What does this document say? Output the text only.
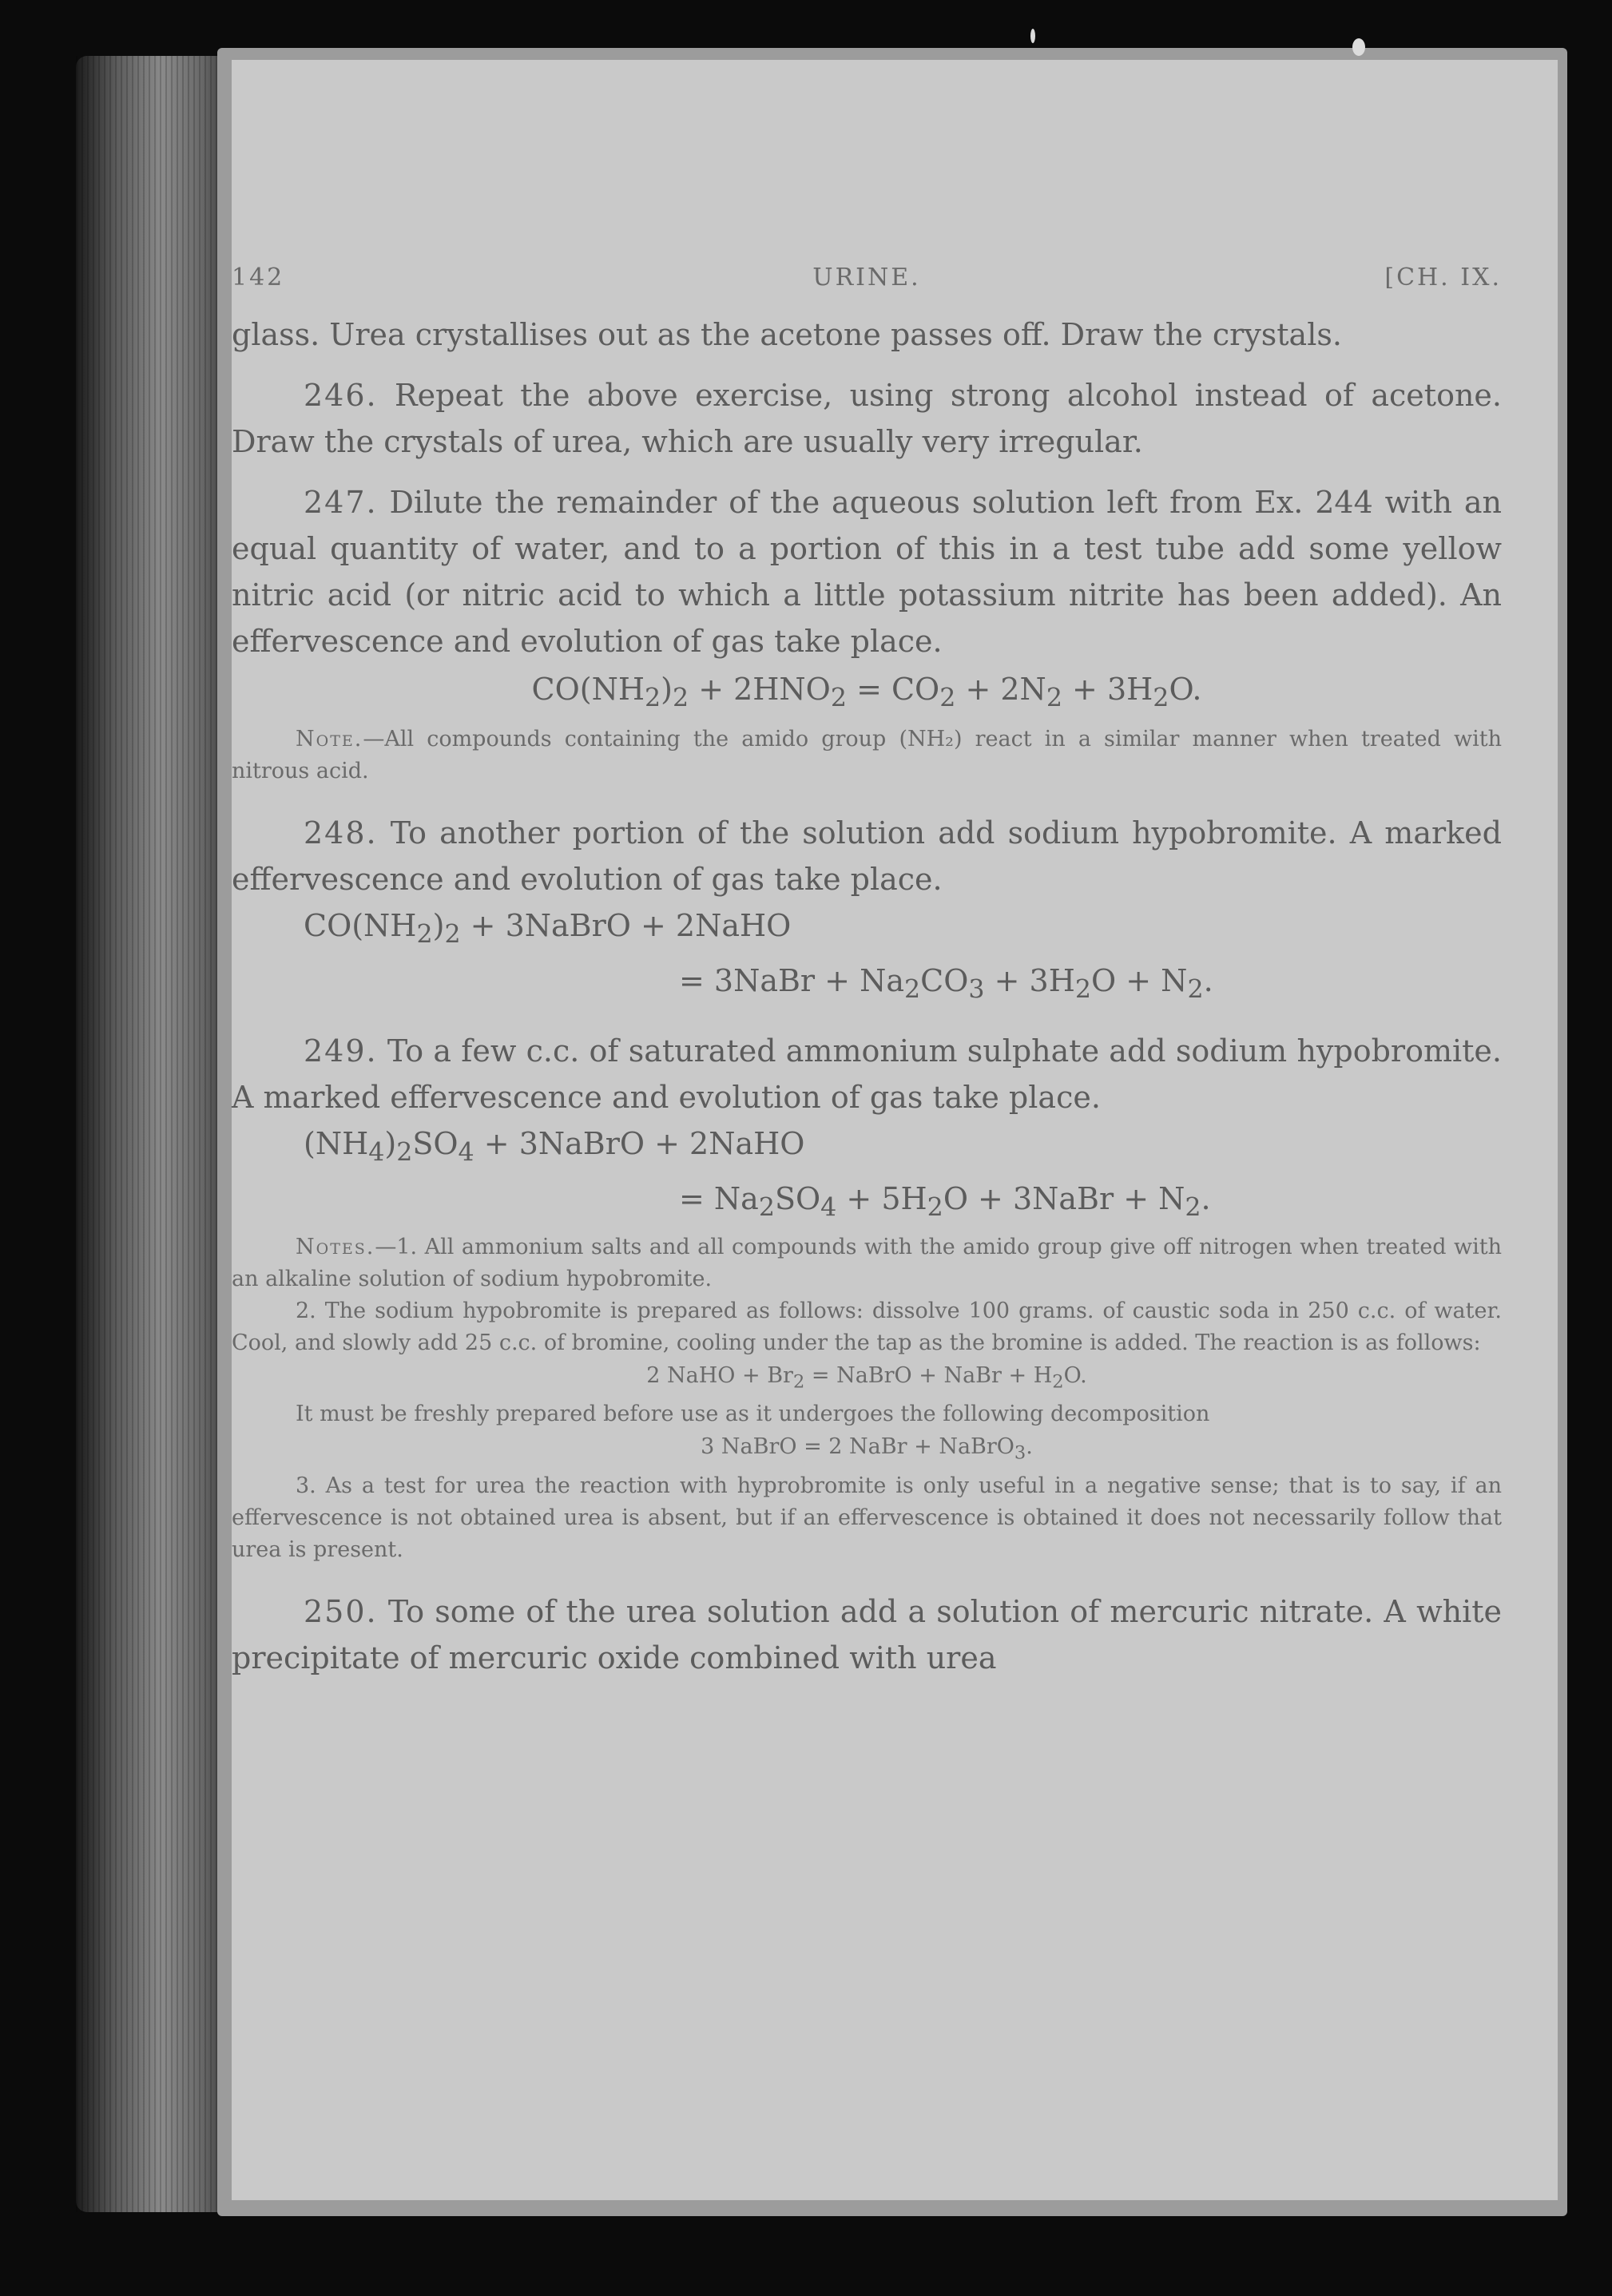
142	URINE.	[CH. IX.

glass. Urea crystallises out as the acetone passes off. Draw the crystals.

246. Repeat the above exercise, using strong alcohol instead of acetone. Draw the crystals of urea, which are usually very irregular.

247. Dilute the remainder of the aqueous solution left from Ex. 244 with an equal quantity of water, and to a portion of this in a test tube add some yellow nitric acid (or nitric acid to which a little potassium nitrite has been added). An effervescence and evolution of gas take place.

$CO(NH_2)_2 + 2HNO_2 = CO_2 + 2N_2 + 3H_2O$.

Note.—All compounds containing the amido group (NH₂) react in a similar manner when treated with nitrous acid.

248. To another portion of the solution add sodium hypobromite. A marked effervescence and evolution of gas take place.

$CO(NH_2)_2$ + 3NaBrO + 2NaHO

= 3NaBr + $Na_2CO_3 + 3H_2O + N_2$.

249. To a few c.c. of saturated ammonium sulphate add sodium hypobromite. A marked effervescence and evolution of gas take place.

$(NH_4)_2SO_4$ + 3NaBrO + 2NaHO

= $Na_2SO_4 + 5H_2O$ + 3NaBr + $N_2$.

Notes.—1. All ammonium salts and all compounds with the amido group give off nitrogen when treated with an alkaline solution of sodium hypobromite.

2. The sodium hypobromite is prepared as follows: dissolve 100 grams. of caustic soda in 250 c.c. of water. Cool, and slowly add 25 c.c. of bromine, cooling under the tap as the bromine is added. The reaction is as follows:

2 NaHO + $Br_2$ = NaBrO + NaBr + $H_2O$.

It must be freshly prepared before use as it undergoes the following decomposition

3 NaBrO = 2 NaBr + NaBrO$_3$.

3. As a test for urea the reaction with hyprobromite is only useful in a negative sense; that is to say, if an effervescence is not obtained urea is absent, but if an effervescence is obtained it does not necessarily follow that urea is present.

250. To some of the urea solution add a solution of mercuric nitrate. A white precipitate of mercuric oxide combined with urea
